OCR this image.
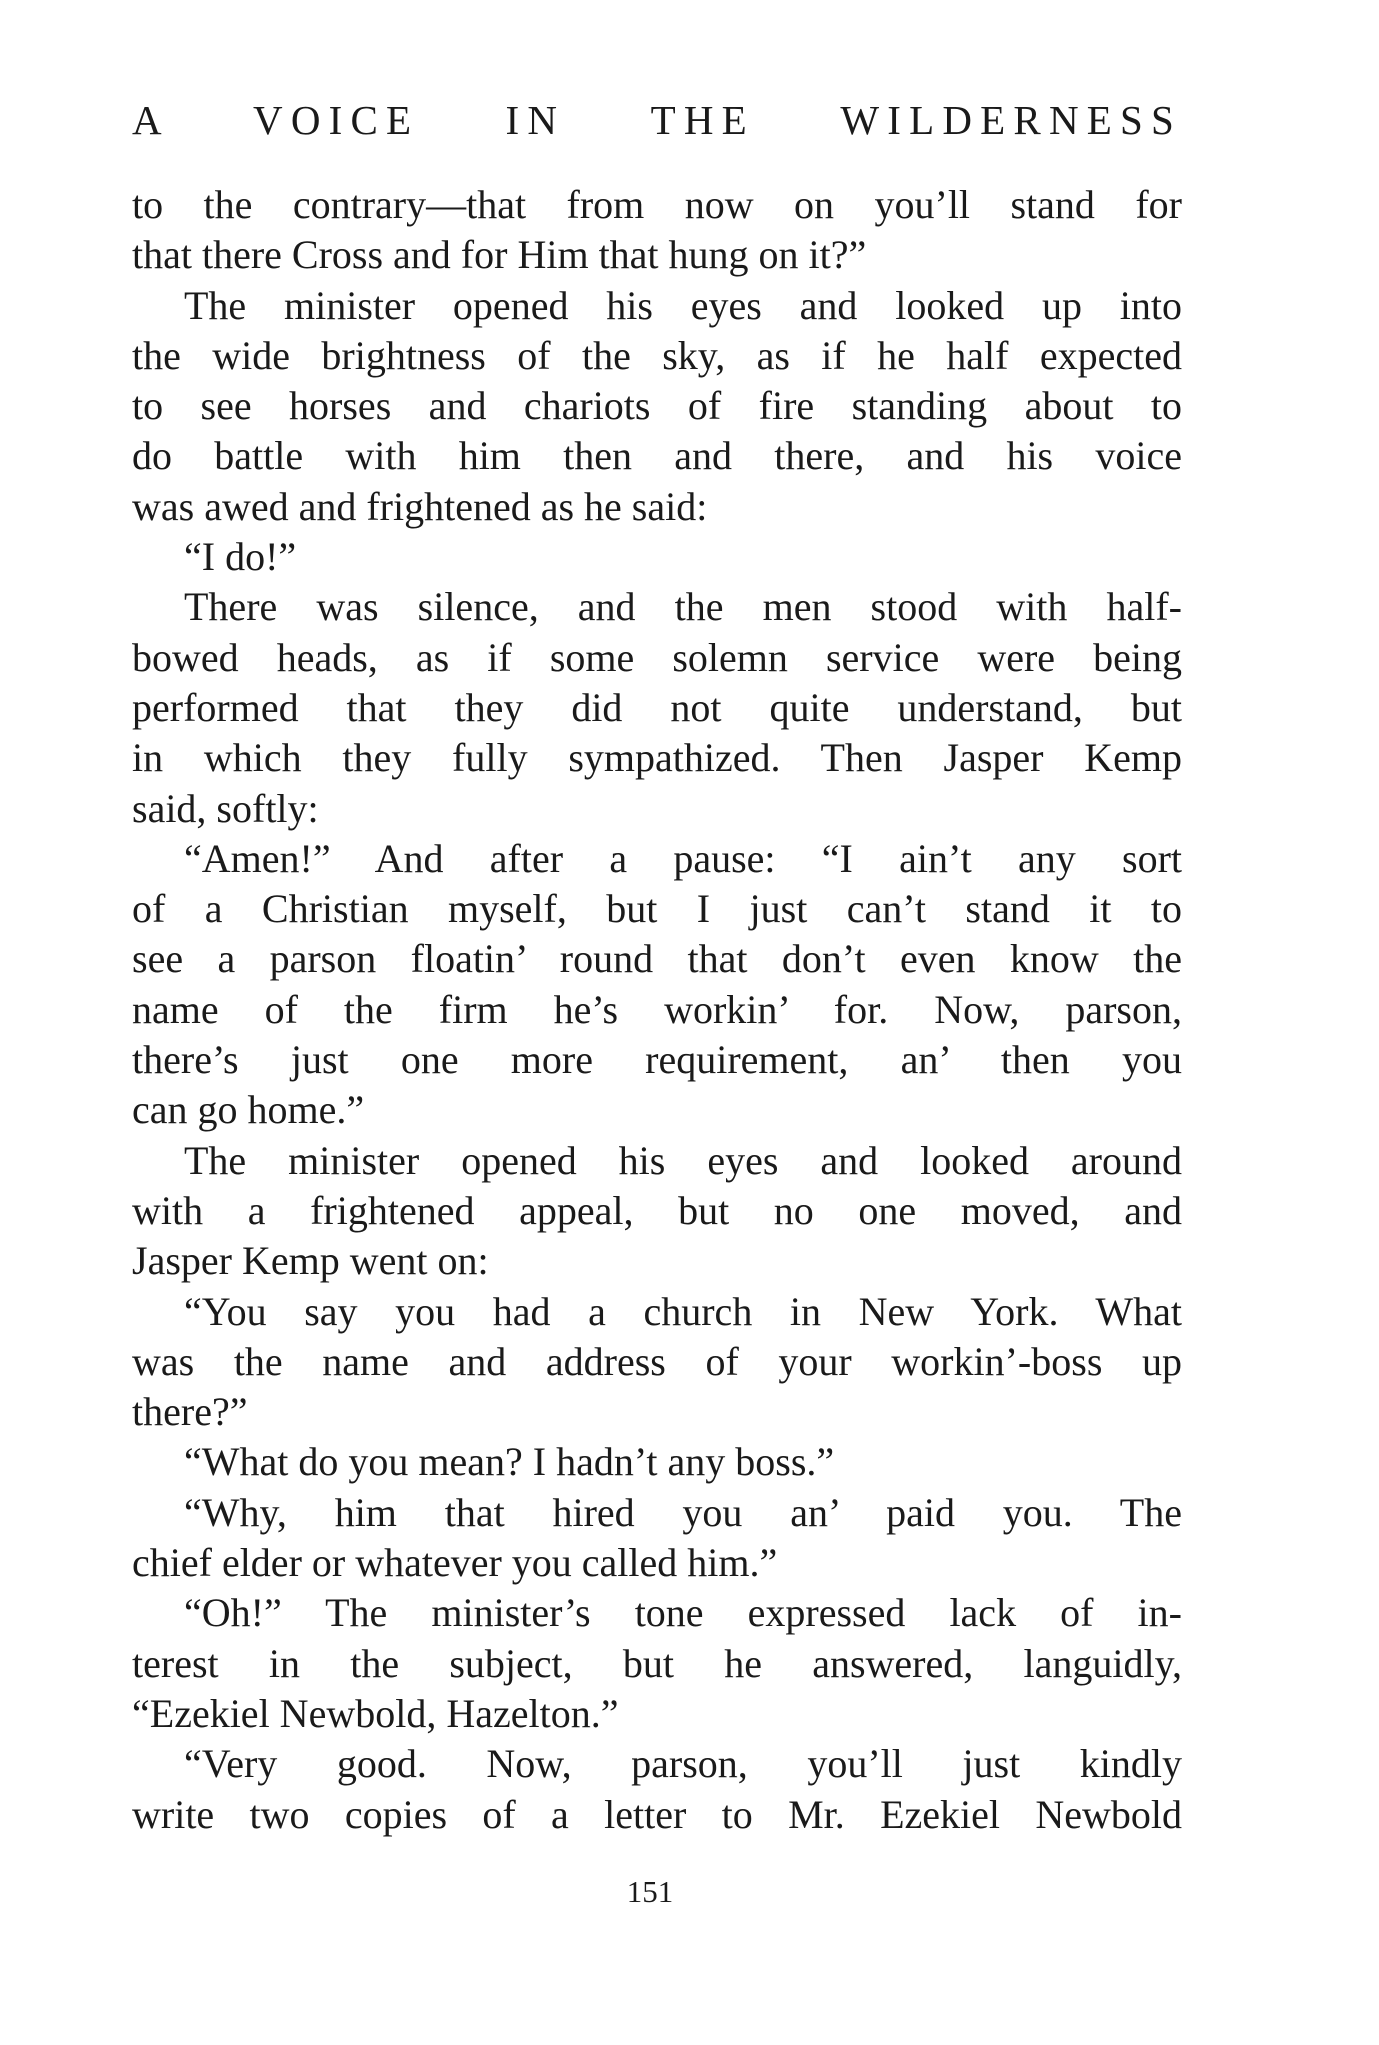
A VOICE IN THE WILDERNESS
to the contrary—that from now on you’ll stand for
that there Cross and for Him that hung on it?”
The minister opened his eyes and looked up into
the wide brightness of the sky, as if he half expected
to see horses and chariots of fire standing about to
do battle with him then and there, and his voice
was awed and frightened as he said:
“I do!”
There was silence, and the men stood with half-
bowed heads, as if some solemn service were being
performed that they did not quite understand, but
in which they fully sympathized. Then Jasper Kemp
said, softly:
“Amen!” And after a pause: “I ain’t any sort
of a Christian myself, but I just can’t stand it to
see a parson floatin’ round that don’t even know the
name of the firm he’s workin’ for. Now, parson,
there’s just one more requirement, an’ then you
can go home.”
The minister opened his eyes and looked around
with a frightened appeal, but no one moved, and
Jasper Kemp went on:
“You say you had a church in New York. What
was the name and address of your workin’-boss up
there?”
“What do you mean? I hadn’t any boss.”
“Why, him that hired you an’ paid you. The
chief elder or whatever you called him.”
“Oh!” The minister’s tone expressed lack of in-
terest in the subject, but he answered, languidly,
“Ezekiel Newbold, Hazelton.”
“Very good. Now, parson, you’ll just kindly
write two copies of a letter to Mr. Ezekiel Newbold
151
